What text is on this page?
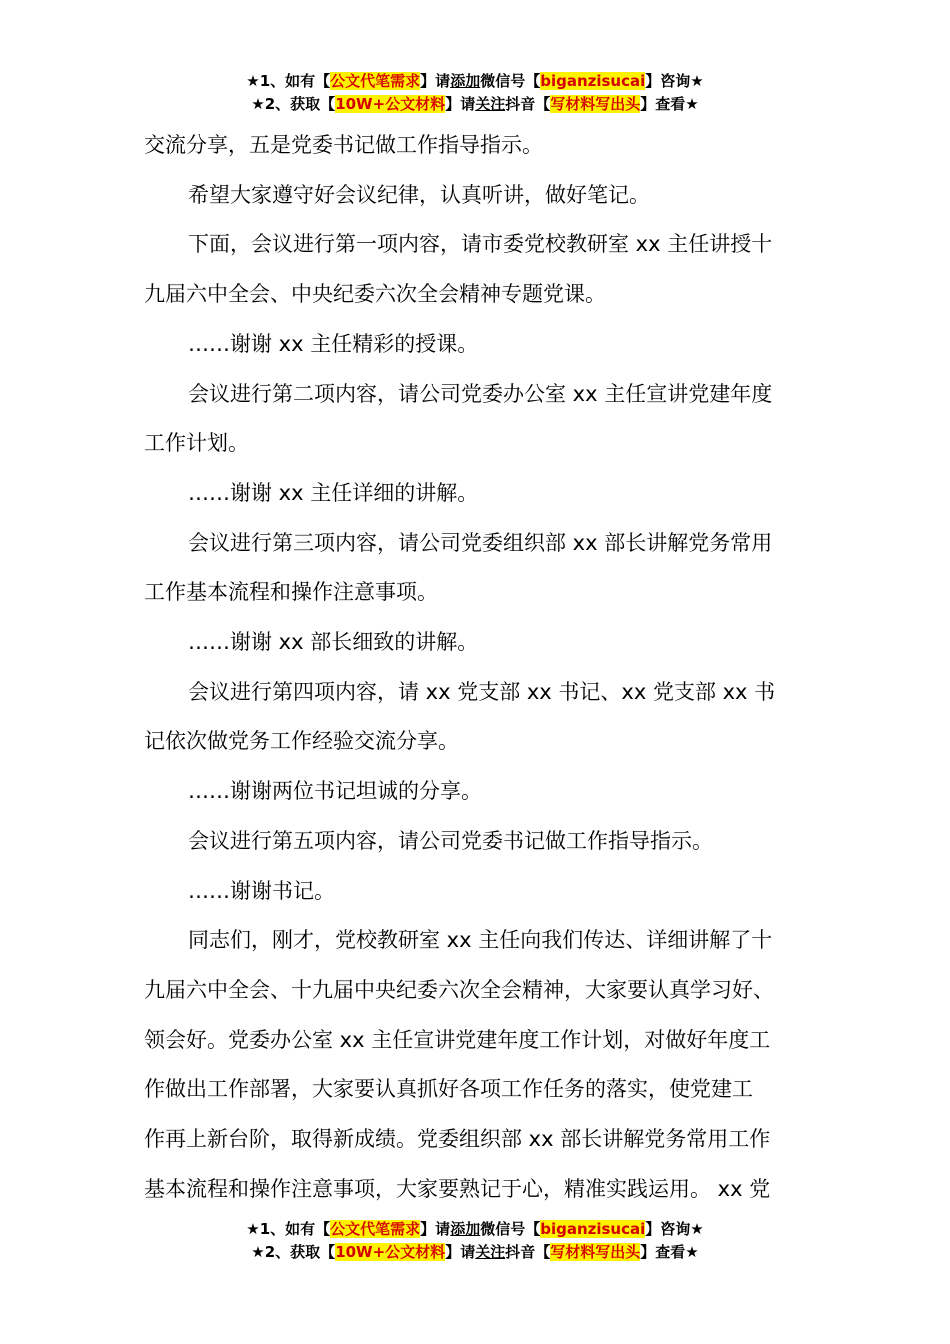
★1、如有【公文代笔需求】请添加微信号【biganzisucai】咨询★
★2、获取【10W+公文材料】请关注抖音【写材料写出头】查看★
交流分享，五是党委书记做工作指导指示。
希望大家遵守好会议纪律，认真听讲，做好笔记。
下面，会议进行第一项内容，请市委党校教研室 xx 主任讲授十
九届六中全会、中央纪委六次全会精神专题党课。
……谢谢 xx 主任精彩的授课。
会议进行第二项内容，请公司党委办公室 xx 主任宣讲党建年度
工作计划。
……谢谢 xx 主任详细的讲解。
会议进行第三项内容，请公司党委组织部 xx 部长讲解党务常用
工作基本流程和操作注意事项。
……谢谢 xx 部长细致的讲解。
会议进行第四项内容，请 xx 党支部 xx 书记、xx 党支部 xx 书
记依次做党务工作经验交流分享。
……谢谢两位书记坦诚的分享。
会议进行第五项内容，请公司党委书记做工作指导指示。
……谢谢书记。
同志们，刚才，党校教研室 xx 主任向我们传达、详细讲解了十
九届六中全会、十九届中央纪委六次全会精神，大家要认真学习好、
领会好。党委办公室 xx 主任宣讲党建年度工作计划，对做好年度工
作做出工作部署，大家要认真抓好各项工作任务的落实，使党建工
作再上新台阶，取得新成绩。党委组织部 xx 部长讲解党务常用工作
基本流程和操作注意事项，大家要熟记于心，精准实践运用。 xx 党
★1、如有【公文代笔需求】请添加微信号【biganzisucai】咨询★
★2、获取【10W+公文材料】请关注抖音【写材料写出头】查看★
